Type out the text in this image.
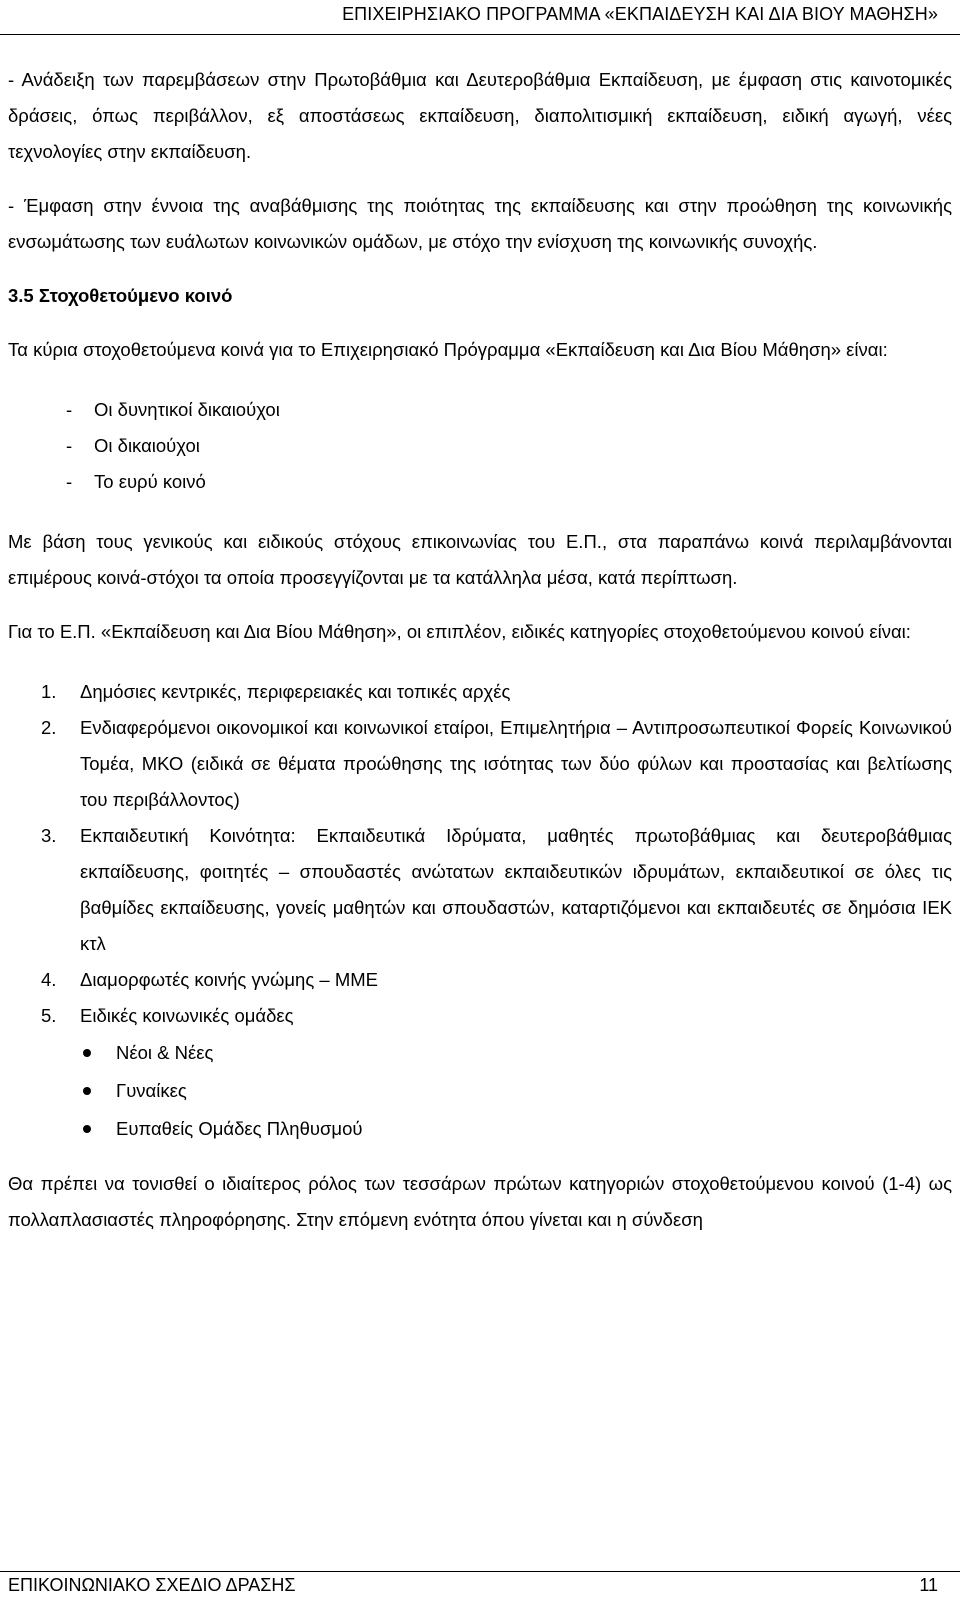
ΕΠΙΧΕΙΡΗΣΙΑΚΟ ΠΡΟΓΡΑΜΜΑ «ΕΚΠΑΙΔΕΥΣΗ ΚΑΙ ΔΙΑ ΒΙΟΥ ΜΑΘΗΣΗ»

- Ανάδειξη των παρεμβάσεων στην Πρωτοβάθμια και Δευτεροβάθμια Εκπαίδευση, με έμφαση στις καινοτομικές δράσεις, όπως περιβάλλον, εξ αποστάσεως εκπαίδευση, διαπολιτισμική εκπαίδευση, ειδική αγωγή, νέες τεχνολογίες στην εκπαίδευση.

- Έμφαση στην έννοια της αναβάθμισης της ποιότητας της εκπαίδευσης και στην προώθηση της κοινωνικής ενσωμάτωσης των ευάλωτων κοινωνικών ομάδων, με στόχο την ενίσχυση της κοινωνικής συνοχής.

3.5 Στοχοθετούμενο κοινό

Τα κύρια στοχοθετούμενα κοινά για το Επιχειρησιακό Πρόγραμμα «Εκπαίδευση και Δια Βίου Μάθηση» είναι:

- Οι δυνητικοί δικαιούχοι
- Οι δικαιούχοι
- Το ευρύ κοινό

Με βάση τους γενικούς και ειδικούς στόχους επικοινωνίας του Ε.Π., στα παραπάνω κοινά περιλαμβάνονται επιμέρους κοινά-στόχοι τα οποία προσεγγίζονται με τα κατάλληλα μέσα, κατά περίπτωση.

Για το Ε.Π. «Εκπαίδευση και Δια Βίου Μάθηση», οι επιπλέον, ειδικές κατηγορίες στοχοθετούμενου κοινού είναι:

1. Δημόσιες κεντρικές, περιφερειακές και τοπικές αρχές
2. Ενδιαφερόμενοι οικονομικοί και κοινωνικοί εταίροι, Επιμελητήρια – Αντιπροσωπευτικοί Φορείς Κοινωνικού Τομέα, ΜΚΟ (ειδικά σε θέματα προώθησης της ισότητας των δύο φύλων και προστασίας και βελτίωσης του περιβάλλοντος)
3. Εκπαιδευτική Κοινότητα: Εκπαιδευτικά Ιδρύματα, μαθητές πρωτοβάθμιας και δευτεροβάθμιας εκπαίδευσης, φοιτητές – σπουδαστές ανώτατων εκπαιδευτικών ιδρυμάτων, εκπαιδευτικοί σε όλες τις βαθμίδες εκπαίδευσης, γονείς μαθητών και σπουδαστών, καταρτιζόμενοι και εκπαιδευτές σε δημόσια ΙΕΚ κτλ
4. Διαμορφωτές κοινής γνώμης – ΜΜΕ
5. Ειδικές κοινωνικές ομάδες
Νέοι & Νέες
Γυναίκες
Ευπαθείς Ομάδες Πληθυσμού

Θα πρέπει να τονισθεί ο ιδιαίτερος ρόλος των τεσσάρων πρώτων κατηγοριών στοχοθετούμενου κοινού (1-4) ως πολλαπλασιαστές πληροφόρησης. Στην επόμενη ενότητα όπου γίνεται και η σύνδεση

ΕΠΙΚΟΙΝΩΝΙΑΚΟ ΣΧΕΔΙΟ ΔΡΑΣΗΣ	11
